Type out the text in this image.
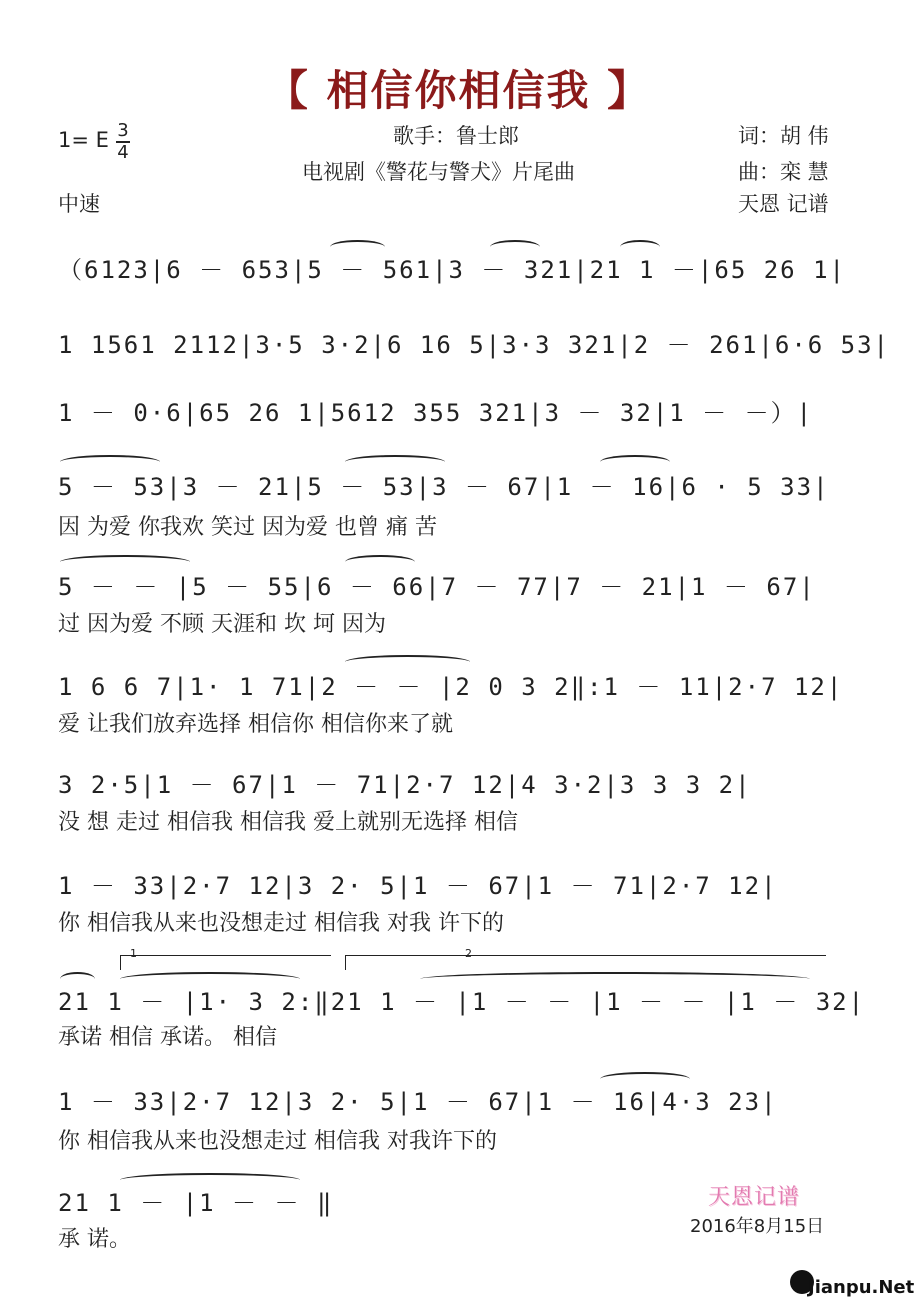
【 相信你相信我 】
1= E 3
4
中速
歌手：鲁士郎
电视剧《警花与警犬》片尾曲
词：胡 伟
曲：栾 慧
天恩 记谱
（6123|6 － 653|5 － 561|3 － 321|21 1 －|65 26 1|
1 1561 2112|3·5 3·2|6 16 5|3·3 321|2 － 261|6·6 53|
1 － 0·6|65 26 1|5612 355 321|3 － 32|1 － －）|
5 － 53|3 － 21|5 － 53|3 － 67|1 － 16|6 · 5 33|
因 为爱 你我欢 笑过 因为爱 也曾 痛 苦
5 － － |5 － 55|6 － 66|7 － 77|7 － 21|1 － 67|
过 因为爱 不顾 天涯和 坎 坷 因为
1 6 6 7|1· 1 71|2 － － |2 0 3 2‖:1 － 11|2·7 12|
爱 让我们放弃选择 相信你 相信你来了就
3 2·5|1 － 67|1 － 71|2·7 12|4 3·2|3 3 3 2|
没 想 走过 相信我 相信我 爱上就别无选择 相信
1 － 33|2·7 12|3 2· 5|1 － 67|1 － 71|2·7 12|
你 相信我从来也没想走过 相信我 对我 许下的
1	2
21 1 － |1· 3 2:‖21 1 － |1 － － |1 － － |1 － 32|
承诺 相信 承诺。 相信
1 － 33|2·7 12|3 2· 5|1 － 67|1 － 16|4·3 23|
你 相信我从来也没想走过 相信我 对我许下的
21 1 － |1 － － ‖
承 诺。
天恩记谱
2016年8月15日
Jianpu.Net
